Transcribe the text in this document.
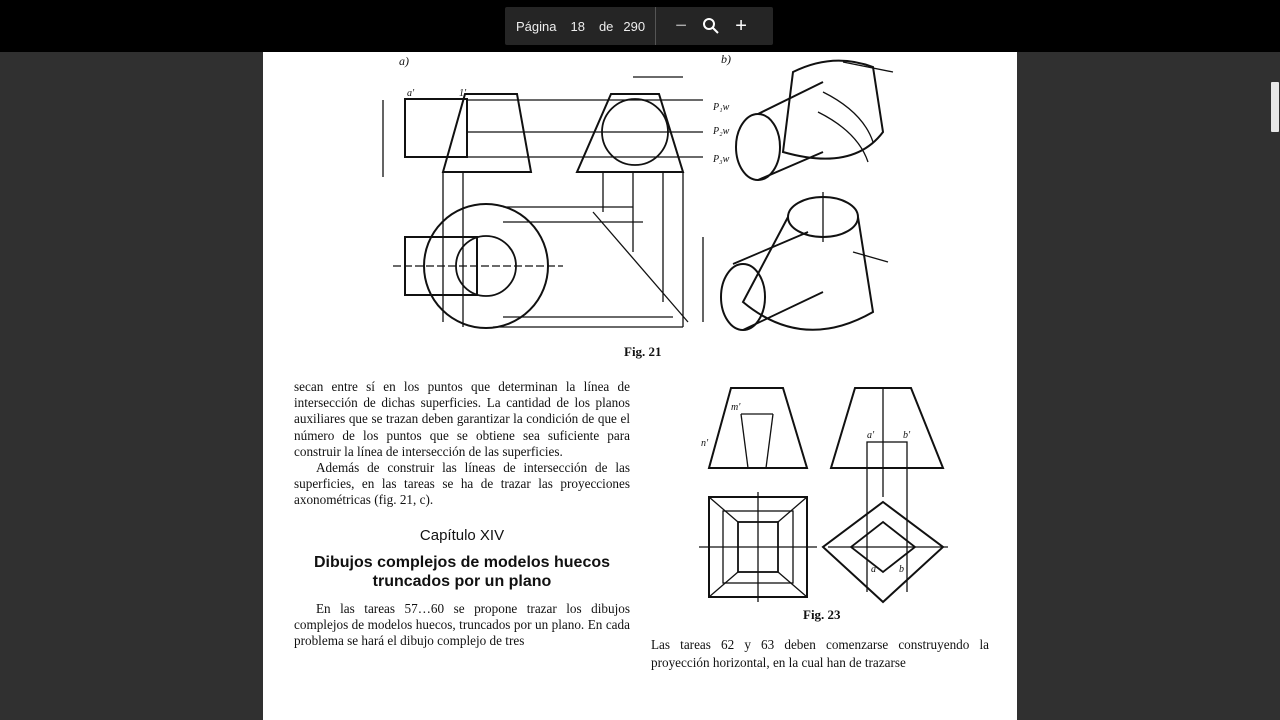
a'	1'
P₁w
P₂w
P₃w
m'
n'
a'	b'
a b
a)	b)
Fig. 21
Fig. 23

secan entre sí en los puntos que determinan la línea de intersección de dichas superficies. La cantidad de los planos auxiliares que se trazan deben garantizar la condición de que el número de los puntos que se obtiene sea suficiente para construir la línea de intersección de las superficies.

Además de construir las líneas de intersección de las superficies, en las tareas se ha de trazar las proyecciones axonométricas (fig. 21, c).

Capítulo XIV
Dibujos complejos de modelos huecos truncados por un plano

En las tareas 57…60 se propone trazar los dibujos complejos de modelos huecos, truncados por un plano. En cada problema se hará el dibujo complejo de tres	Las tareas 62 y 63 deben comenzarse construyendo la proyección horizontal, en la cual han de trazarse
Página 18 de 290 − +
